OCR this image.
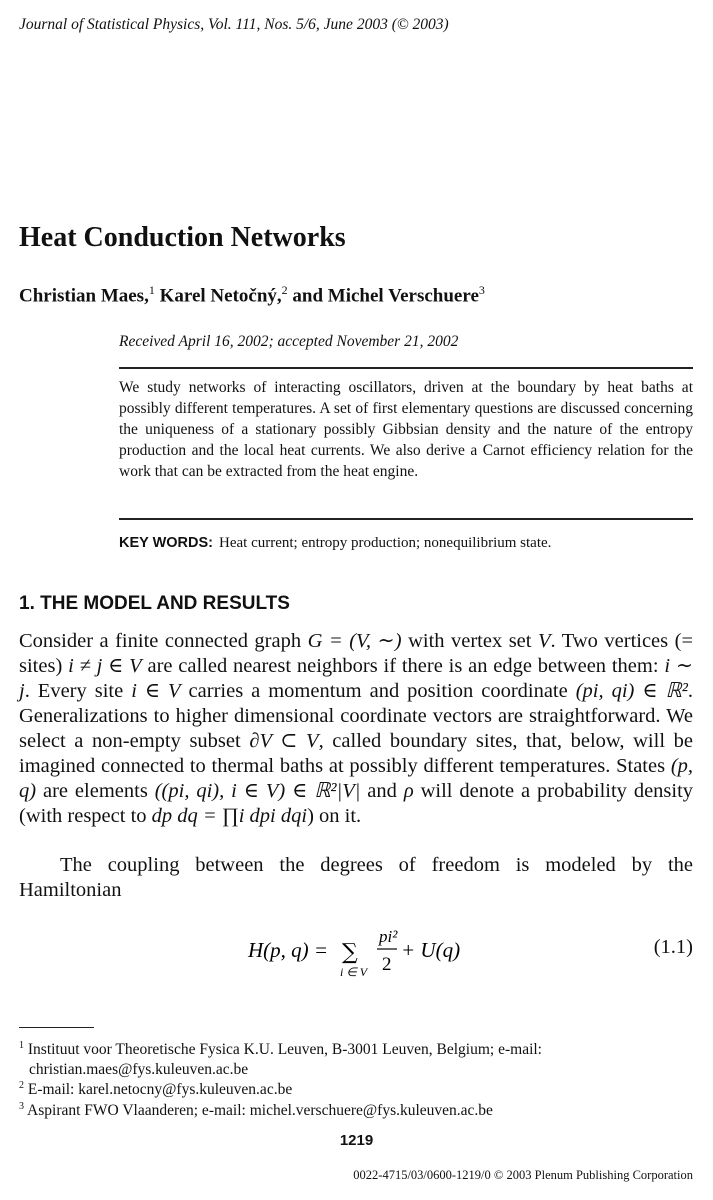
Journal of Statistical Physics, Vol. 111, Nos. 5/6, June 2003 (© 2003)
Heat Conduction Networks
Christian Maes,$^1$ Karel Netočný,$^2$ and Michel Verschuere$^3$
Received April 16, 2002; accepted November 21, 2002
We study networks of interacting oscillators, driven at the boundary by heat baths at possibly different temperatures. A set of first elementary questions are discussed concerning the uniqueness of a stationary possibly Gibbsian density and the nature of the entropy production and the local heat currents. We also derive a Carnot efficiency relation for the work that can be extracted from the heat engine.
KEY WORDS: Heat current; entropy production; nonequilibrium state.
1. THE MODEL AND RESULTS
Consider a finite connected graph G = (V, ∼) with vertex set V. Two vertices (= sites) i ≠ j ∈ V are called nearest neighbors if there is an edge between them: i ∼ j. Every site i ∈ V carries a momentum and position coordinate (pi, qi) ∈ ℝ². Generalizations to higher dimensional coordinate vectors are straightforward. We select a non-empty subset ∂V ⊂ V, called boundary sites, that, below, will be imagined connected to thermal baths at possibly different temperatures. States (p, q) are elements ((pi, qi), i ∈ V) ∈ ℝ²|V| and ρ will denote a probability density (with respect to dp dq = ∏i dpi dqi) on it.
The coupling between the degrees of freedom is modeled by the Hamiltonian
H(p, q) = ∑
i ∈ V
pi²
2
+ U(q)	(1.1)
$^1$ Instituut voor Theoretische Fysica K.U. Leuven, B-3001 Leuven, Belgium; e-mail: christian.maes@fys.kuleuven.ac.be
$^2$ E-mail: karel.netocny@fys.kuleuven.ac.be
$^3$ Aspirant FWO Vlaanderen; e-mail: michel.verschuere@fys.kuleuven.ac.be
1219
0022-4715/03/0600-1219/0 © 2003 Plenum Publishing Corporation
